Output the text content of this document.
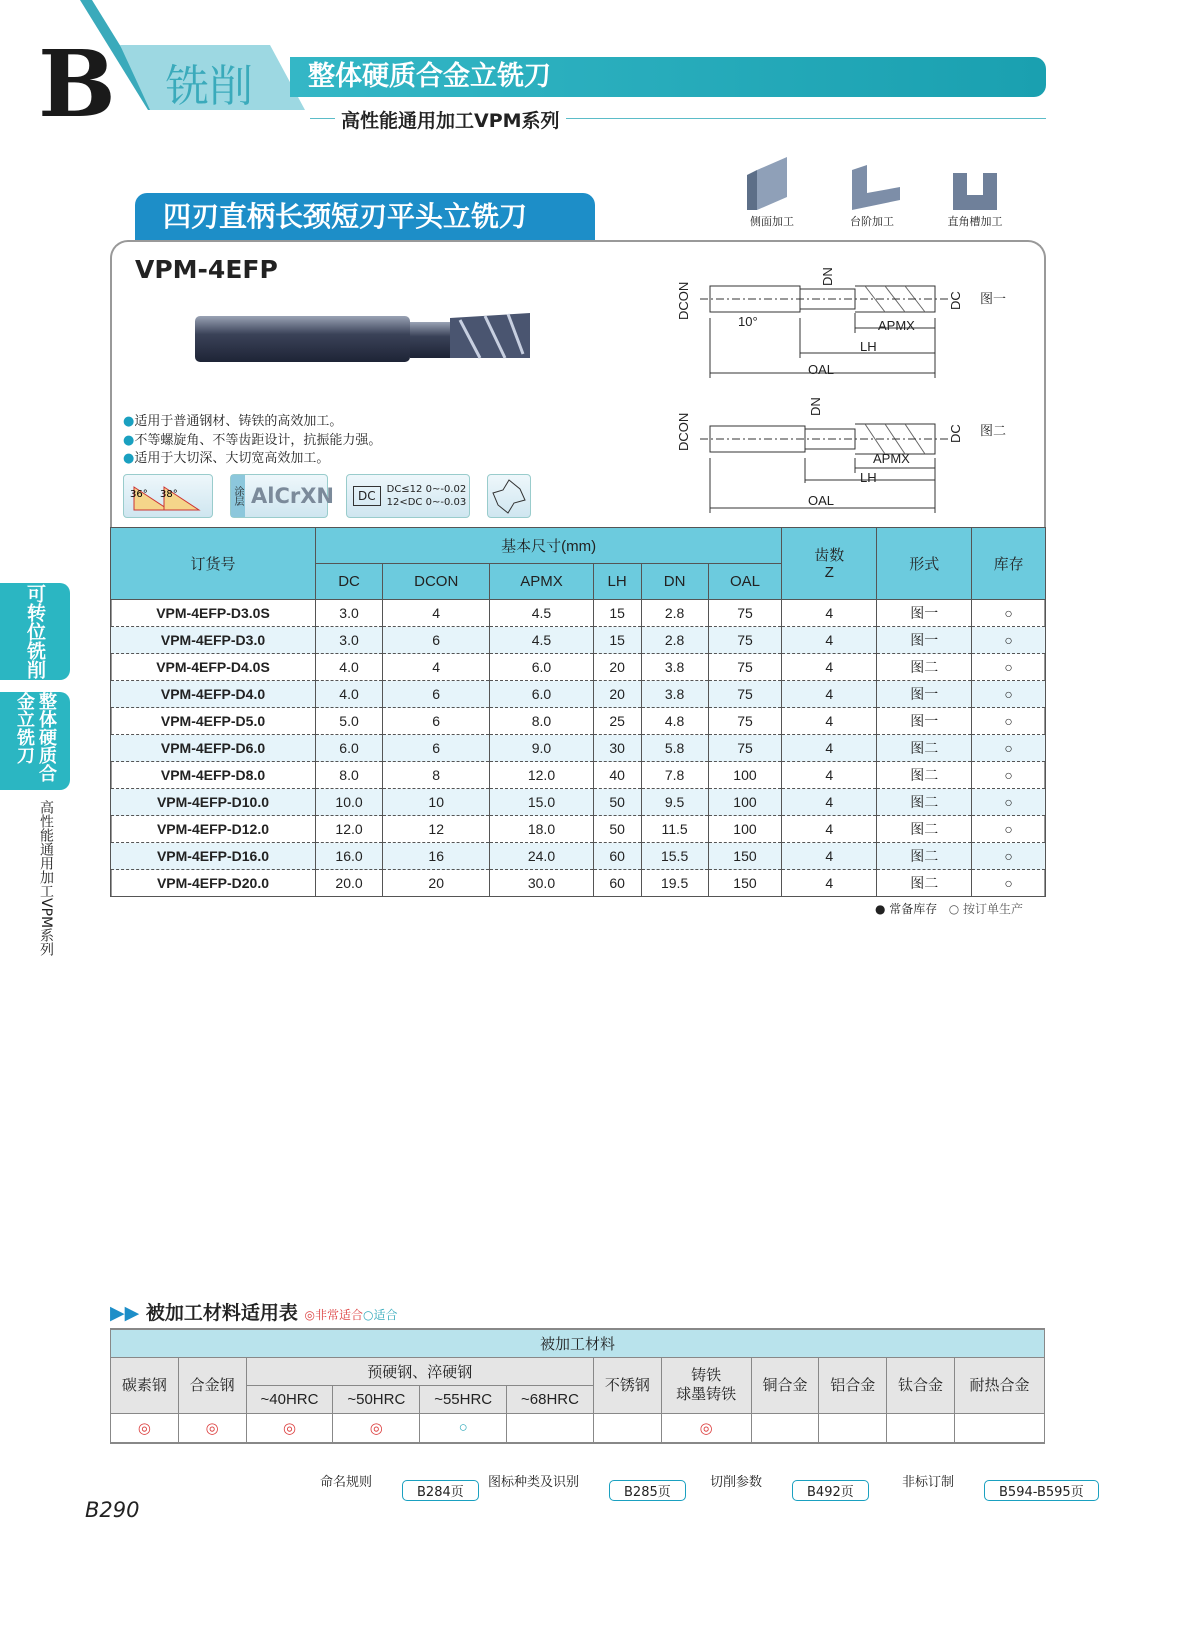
B 铣削	整体硬质合金立铣刀
高性能通用加工VPM系列
四刃直柄长颈短刃平头立铣刀	侧面加工	台阶加工	直角槽加工
VPM-4EFP
●适用于普通钢材、铸铁的高效加工。
●不等螺旋角、不等齿距设计，抗振能力强。
●适用于大切深、大切宽高效加工。
36° 38°	涂层 AlCrXN	DC	DC≤12 0~-0.02
12<DC 0~-0.03
DCON
DN
DC 图一
10°	APMX
LH
OAL
DCON
DN
DC 图二
APMX
LH
OAL
订货号	基本尺寸(mm)						齿数
Z	形式	库存
	DC	DCON	APMX	LH	DN	OAL			
VPM-4EFP-D3.0S	3.0	4	4.5	15	2.8	75	4	图一	○
VPM-4EFP-D3.0	3.0	6	4.5	15	2.8	75	4	图一	○
VPM-4EFP-D4.0S	4.0	4	6.0	20	3.8	75	4	图二	○
VPM-4EFP-D4.0	4.0	6	6.0	20	3.8	75	4	图一	○
VPM-4EFP-D5.0	5.0	6	8.0	25	4.8	75	4	图一	○
VPM-4EFP-D6.0	6.0	6	9.0	30	5.8	75	4	图二	○
VPM-4EFP-D8.0	8.0	8	12.0	40	7.8	100	4	图二	○
VPM-4EFP-D10.0	10.0	10	15.0	50	9.5	100	4	图二	○
VPM-4EFP-D12.0	12.0	12	18.0	50	11.5	100	4	图二	○
VPM-4EFP-D16.0	16.0	16	24.0	60	15.5	150	4	图二	○
VPM-4EFP-D20.0	20.0	20	30.0	60	19.5	150	4	图二	○
● 常备库存 ○ 按订单生产
可转位铣削
整体硬质合金立铣刀
高性能通用加工VPM系列
▶▶ 被加工材料适用表 ◎非常适合○适合
被加工材料											
碳素钢	合金钢	预硬钢、淬硬钢				不锈钢	铸铁
球墨铸铁	铜合金	铝合金	钛合金	耐热合金
		~40HRC	~50HRC	~55HRC	~68HRC						
◎	◎	◎	◎	○			◎				
命名规则B284页
图标种类及识别B285页
切削参数B492页
非标订制B594-B595页
B290
